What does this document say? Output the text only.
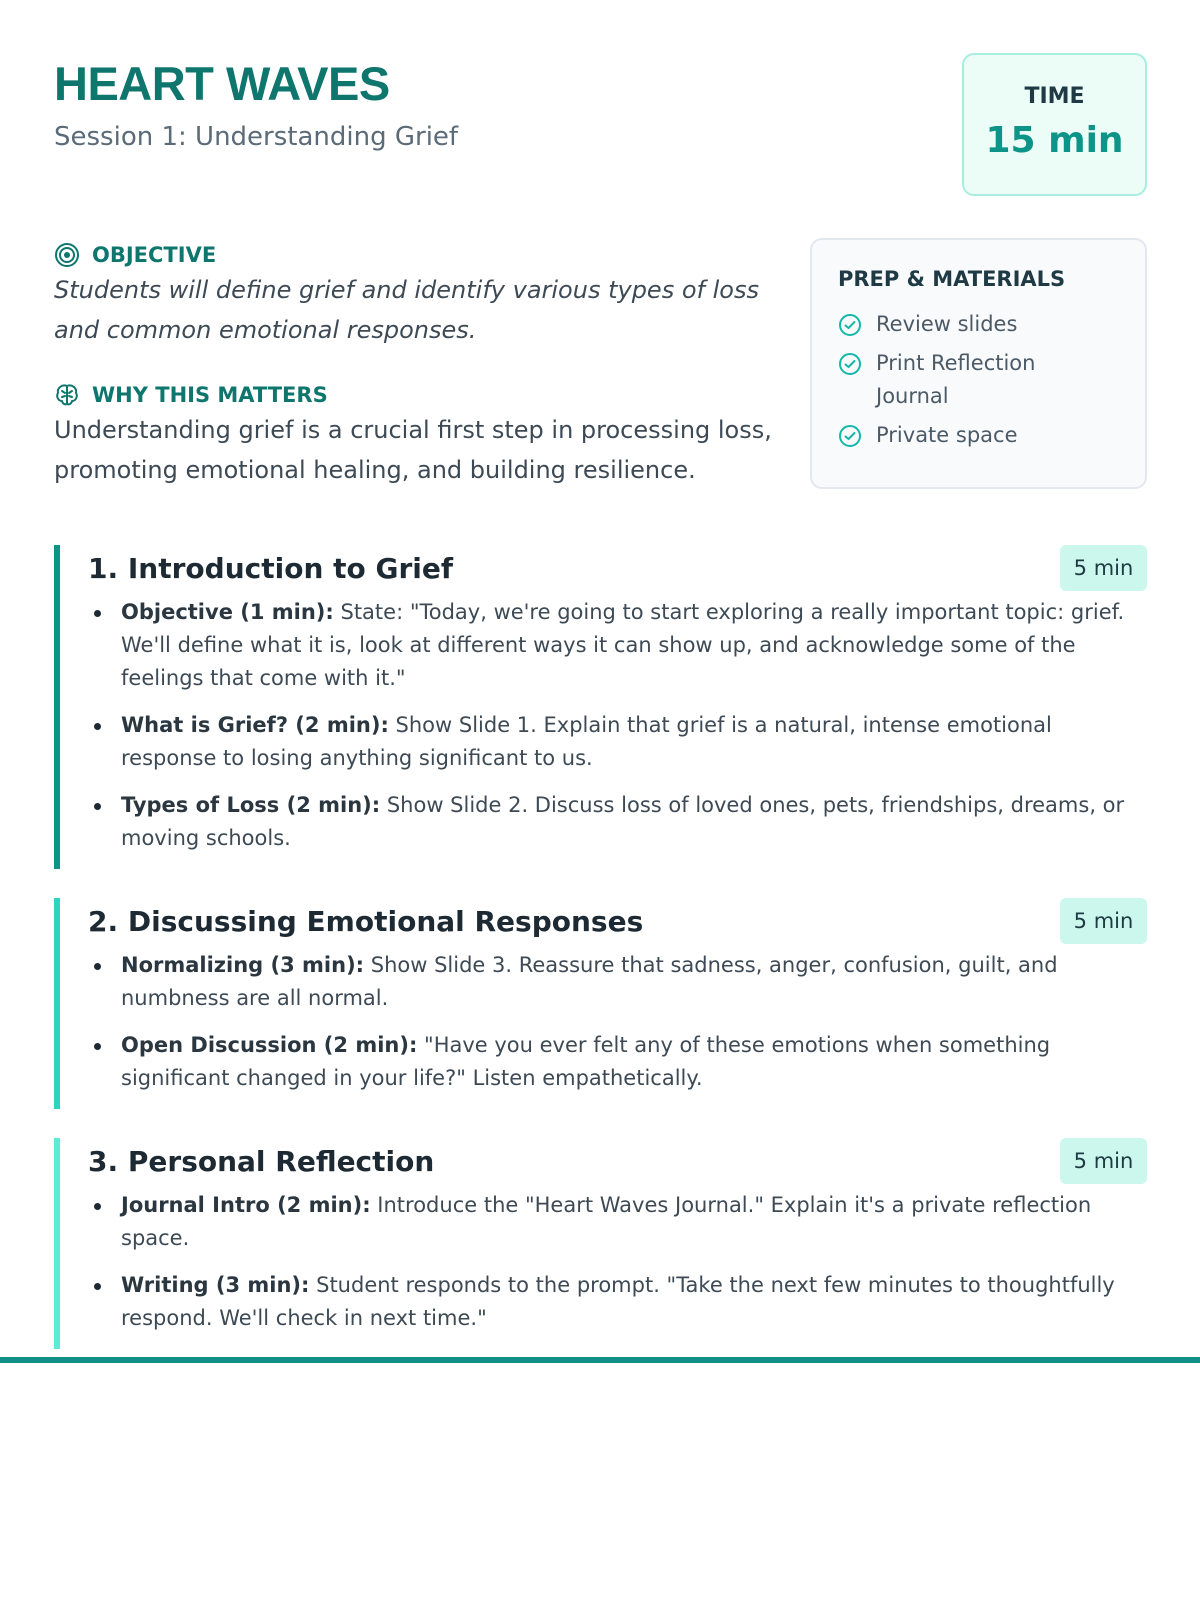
HEART WAVES
Session 1: Understanding Grief
TIME
15 min
OBJECTIVE
Students will define grief and identify various types of loss and common emotional responses.
WHY THIS MATTERS
Understanding grief is a crucial first step in processing loss, promoting emotional healing, and building resilience.
PREP & MATERIALS
Review slides
Print Reflection Journal
Private space
1. Introduction to Grief	5 min
Objective (1 min): State: "Today, we're going to start exploring a really important topic: grief. We'll define what it is, look at different ways it can show up, and acknowledge some of the feelings that come with it."
What is Grief? (2 min): Show Slide 1. Explain that grief is a natural, intense emotional response to losing anything significant to us.
Types of Loss (2 min): Show Slide 2. Discuss loss of loved ones, pets, friendships, dreams, or moving schools.
2. Discussing Emotional Responses	5 min
Normalizing (3 min): Show Slide 3. Reassure that sadness, anger, confusion, guilt, and numbness are all normal.
Open Discussion (2 min): "Have you ever felt any of these emotions when something significant changed in your life?" Listen empathetically.
3. Personal Reflection	5 min
Journal Intro (2 min): Introduce the "Heart Waves Journal." Explain it's a private reflection space.
Writing (3 min): Student responds to the prompt. "Take the next few minutes to thoughtfully respond. We'll check in next time."
